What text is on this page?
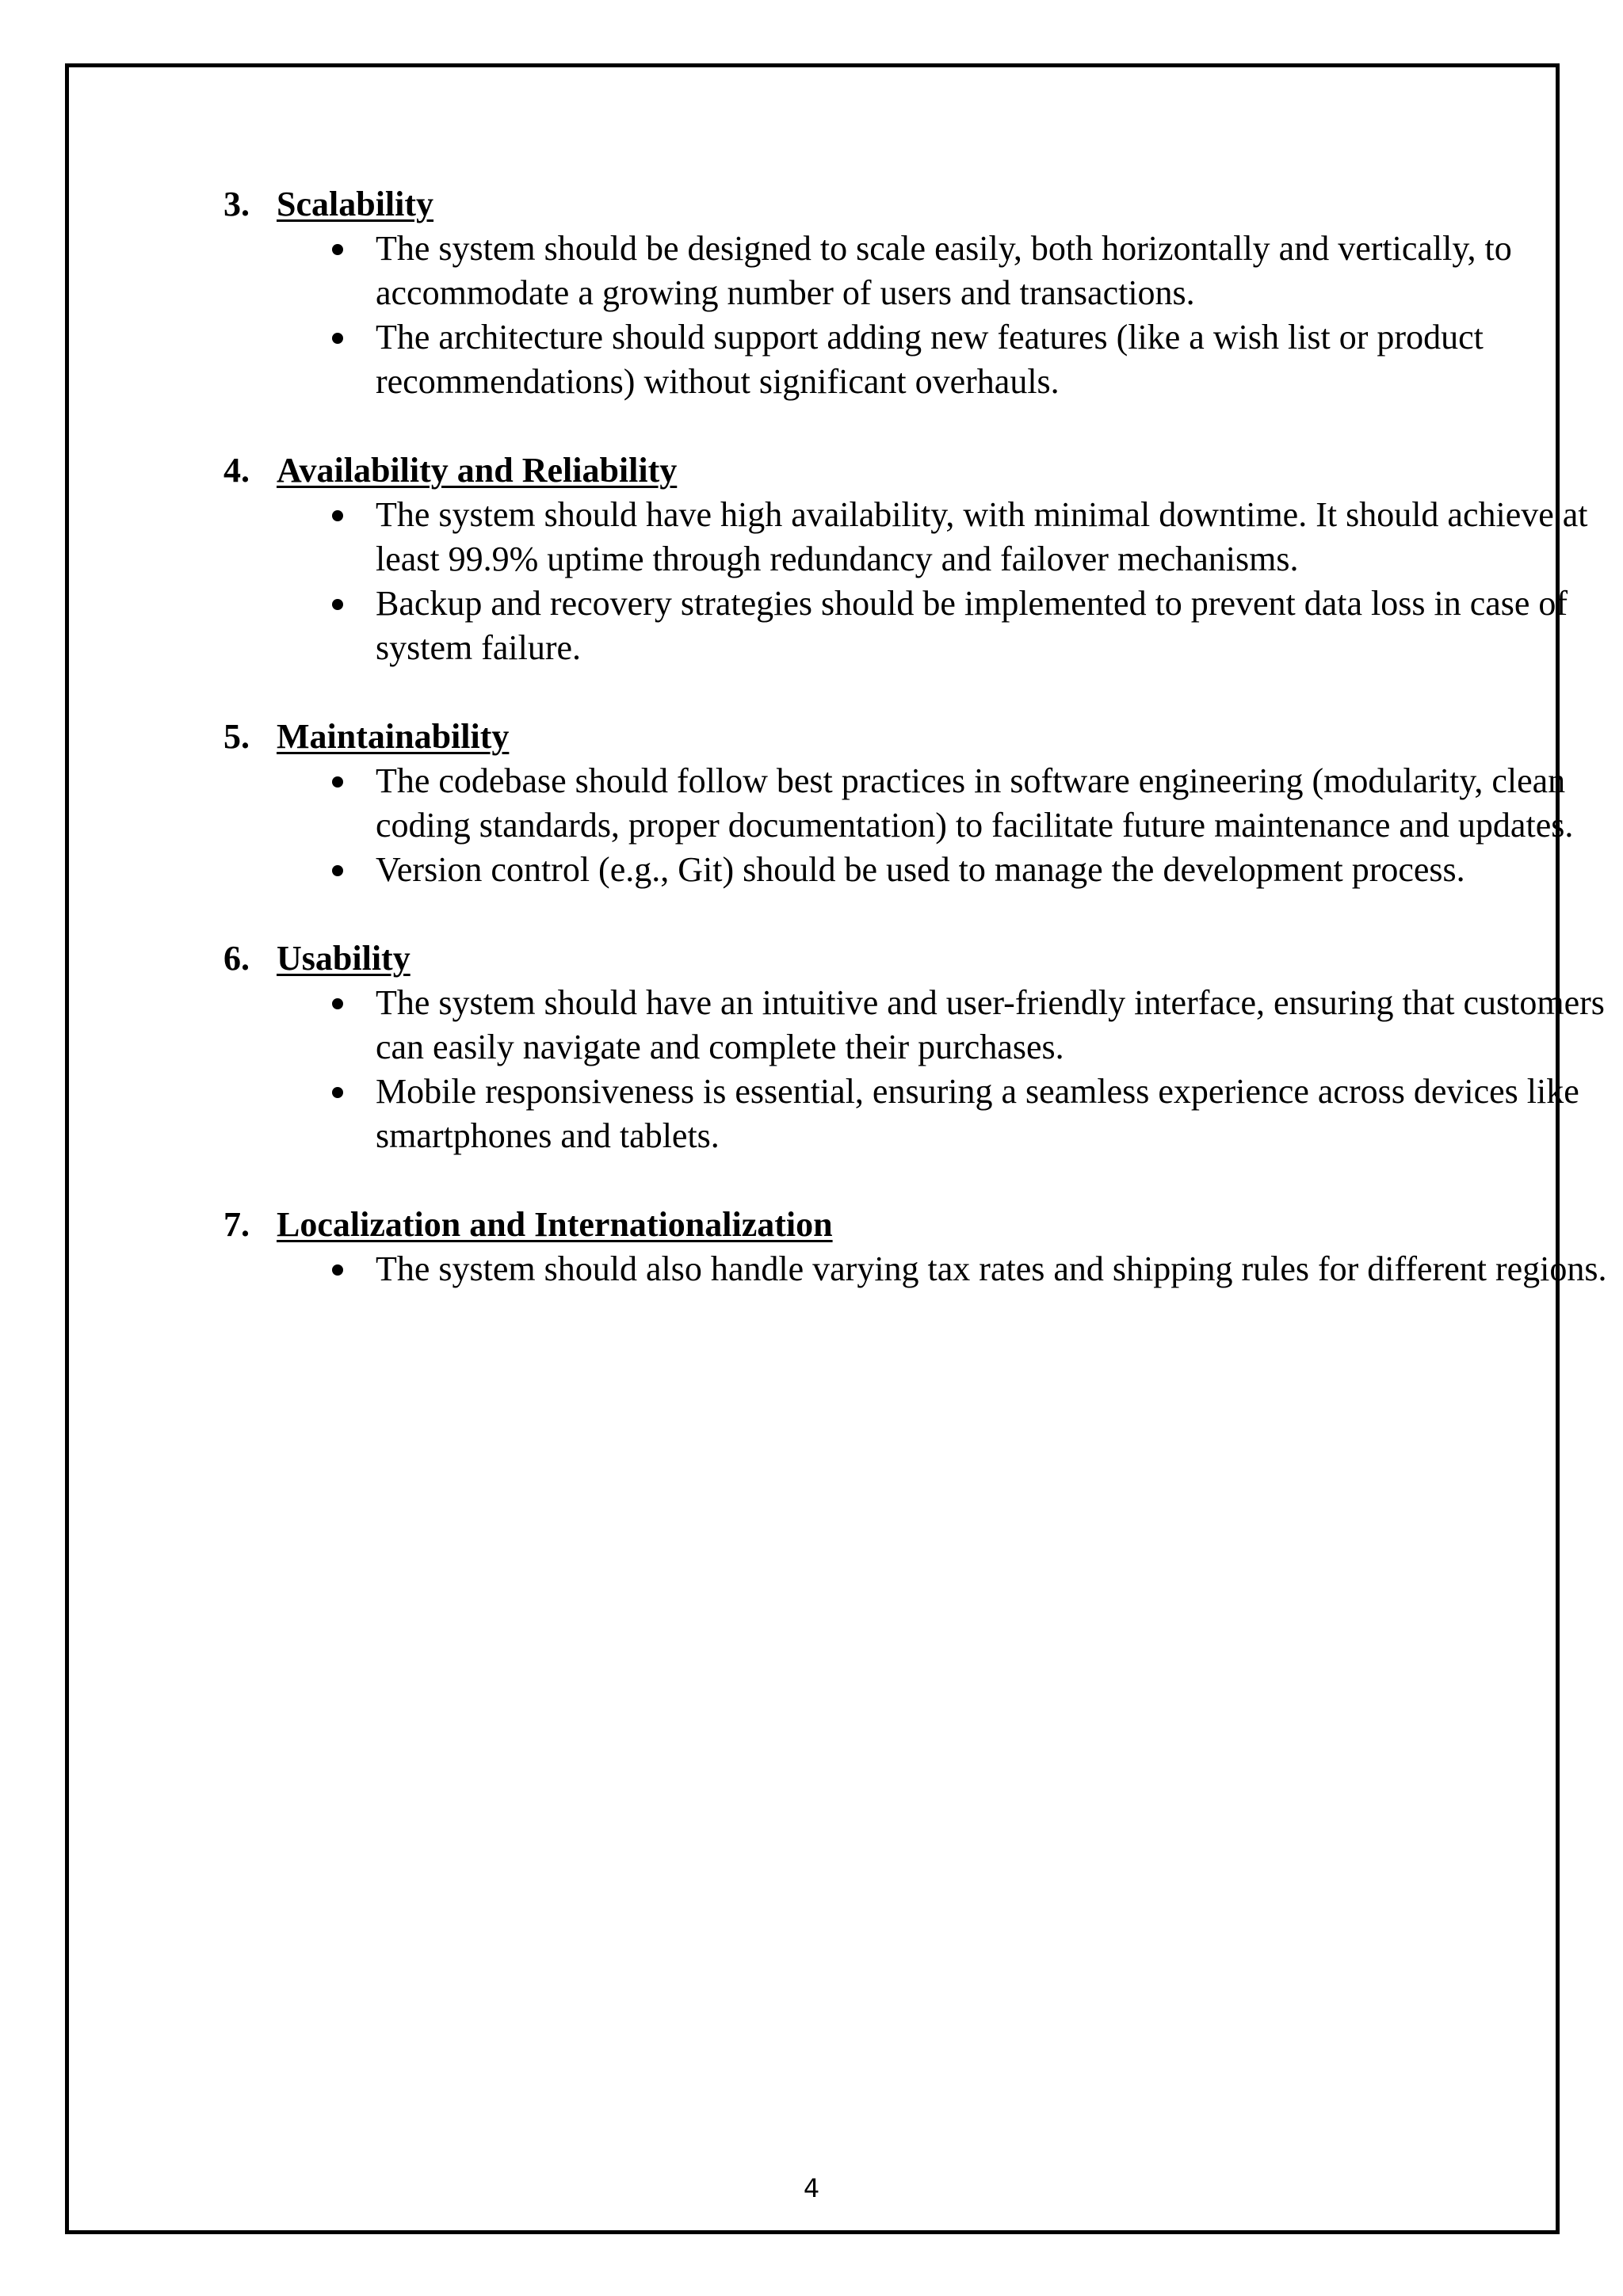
3. Scalability
The system should be designed to scale easily, both horizontally and vertically, to accommodate a growing number of users and transactions.
The architecture should support adding new features (like a wish list or product recommendations) without significant overhauls.
4. Availability and Reliability
The system should have high availability, with minimal downtime. It should achieve at least 99.9% uptime through redundancy and failover mechanisms.
Backup and recovery strategies should be implemented to prevent data loss in case of system failure.
5. Maintainability
The codebase should follow best practices in software engineering (modularity, clean coding standards, proper documentation) to facilitate future maintenance and updates.
Version control (e.g., Git) should be used to manage the development process.
6. Usability
The system should have an intuitive and user-friendly interface, ensuring that customers can easily navigate and complete their purchases.
Mobile responsiveness is essential, ensuring a seamless experience across devices like smartphones and tablets.
7. Localization and Internationalization
The system should also handle varying tax rates and shipping rules for different regions.
4
